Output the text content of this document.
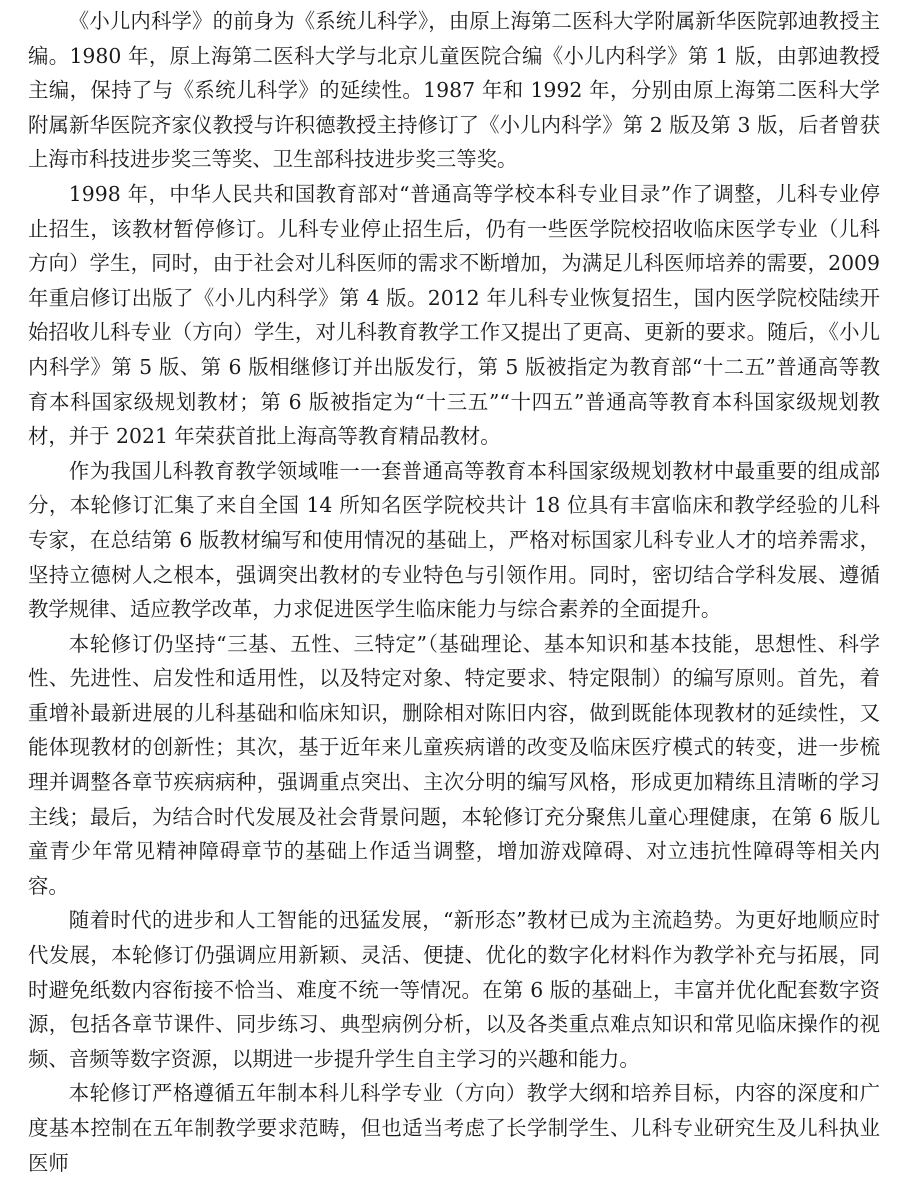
《小儿内科学》的前身为《系统儿科学》，由原上海第二医科大学附属新华医院郭迪教授主编。1980 年，原上海第二医科大学与北京儿童医院合编《小儿内科学》第 1 版，由郭迪教授主编，保持了与《系统儿科学》的延续性。1987 年和 1992 年，分别由原上海第二医科大学附属新华医院齐家仪教授与许积德教授主持修订了《小儿内科学》第 2 版及第 3 版，后者曾获上海市科技进步奖三等奖、卫生部科技进步奖三等奖。

1998 年，中华人民共和国教育部对“普通高等学校本科专业目录”作了调整，儿科专业停止招生，该教材暂停修订。儿科专业停止招生后，仍有一些医学院校招收临床医学专业（儿科方向）学生，同时，由于社会对儿科医师的需求不断增加，为满足儿科医师培养的需要，2009 年重启修订出版了《小儿内科学》第 4 版。2012 年儿科专业恢复招生，国内医学院校陆续开始招收儿科专业（方向）学生，对儿科教育教学工作又提出了更高、更新的要求。随后，《小儿内科学》第 5 版、第 6 版相继修订并出版发行，第 5 版被指定为教育部“十二五”普通高等教育本科国家级规划教材；第 6 版被指定为“十三五”“十四五”普通高等教育本科国家级规划教材，并于 2021 年荣获首批上海高等教育精品教材。

作为我国儿科教育教学领域唯一一套普通高等教育本科国家级规划教材中最重要的组成部分，本轮修订汇集了来自全国 14 所知名医学院校共计 18 位具有丰富临床和教学经验的儿科专家，在总结第 6 版教材编写和使用情况的基础上，严格对标国家儿科专业人才的培养需求，坚持立德树人之根本，强调突出教材的专业特色与引领作用。同时，密切结合学科发展、遵循教学规律、适应教学改革，力求促进医学生临床能力与综合素养的全面提升。

本轮修订仍坚持“三基、五性、三特定”（基础理论、基本知识和基本技能，思想性、科学性、先进性、启发性和适用性，以及特定对象、特定要求、特定限制）的编写原则。首先，着重增补最新进展的儿科基础和临床知识，删除相对陈旧内容，做到既能体现教材的延续性，又能体现教材的创新性；其次，基于近年来儿童疾病谱的改变及临床医疗模式的转变，进一步梳理并调整各章节疾病病种，强调重点突出、主次分明的编写风格，形成更加精练且清晰的学习主线；最后，为结合时代发展及社会背景问题，本轮修订充分聚焦儿童心理健康，在第 6 版儿童青少年常见精神障碍章节的基础上作适当调整，增加游戏障碍、对立违抗性障碍等相关内容。

随着时代的进步和人工智能的迅猛发展，“新形态”教材已成为主流趋势。为更好地顺应时代发展，本轮修订仍强调应用新颖、灵活、便捷、优化的数字化材料作为教学补充与拓展，同时避免纸数内容衔接不恰当、难度不统一等情况。在第 6 版的基础上，丰富并优化配套数字资源，包括各章节课件、同步练习、典型病例分析，以及各类重点难点知识和常见临床操作的视频、音频等数字资源，以期进一步提升学生自主学习的兴趣和能力。

本轮修订严格遵循五年制本科儿科学专业（方向）教学大纲和培养目标，内容的深度和广度基本控制在五年制教学要求范畴，但也适当考虑了长学制学生、儿科专业研究生及儿科执业医师
